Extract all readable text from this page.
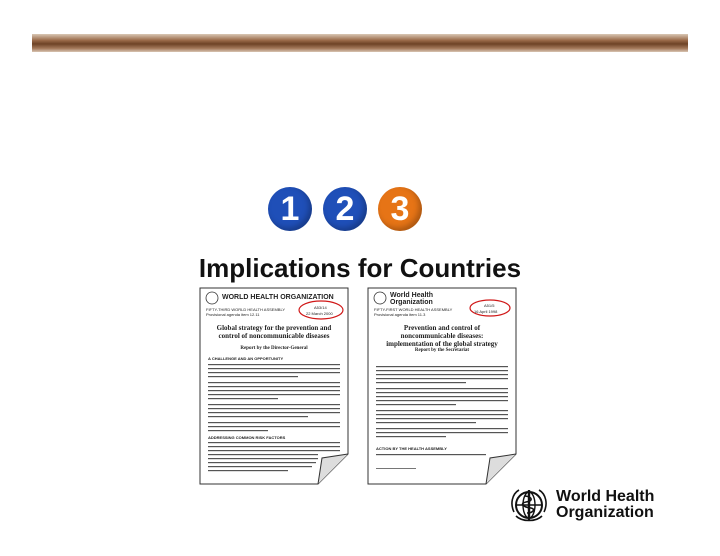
1	2	3
Implications for Countries
WORLD HEALTH ORGANIZATION
FIFTY-THIRD WORLD HEALTH ASSEMBLY
Provisional agenda item 12.11
A53/14
22 March 2000
Global strategy for the prevention and control of noncommunicable diseases
Report by the Director-General
A CHALLENGE AND AN OPPORTUNITY
ADDRESSING COMMON RISK FACTORS
World Health Organization
FIFTY-FIRST WORLD HEALTH ASSEMBLY
Provisional agenda item 11.3
A51/5
16 April 1998
Prevention and control of noncommunicable diseases: implementation of the global strategy
Report by the Secretariat
ACTION BY THE HEALTH ASSEMBLY
World Health
Organization
